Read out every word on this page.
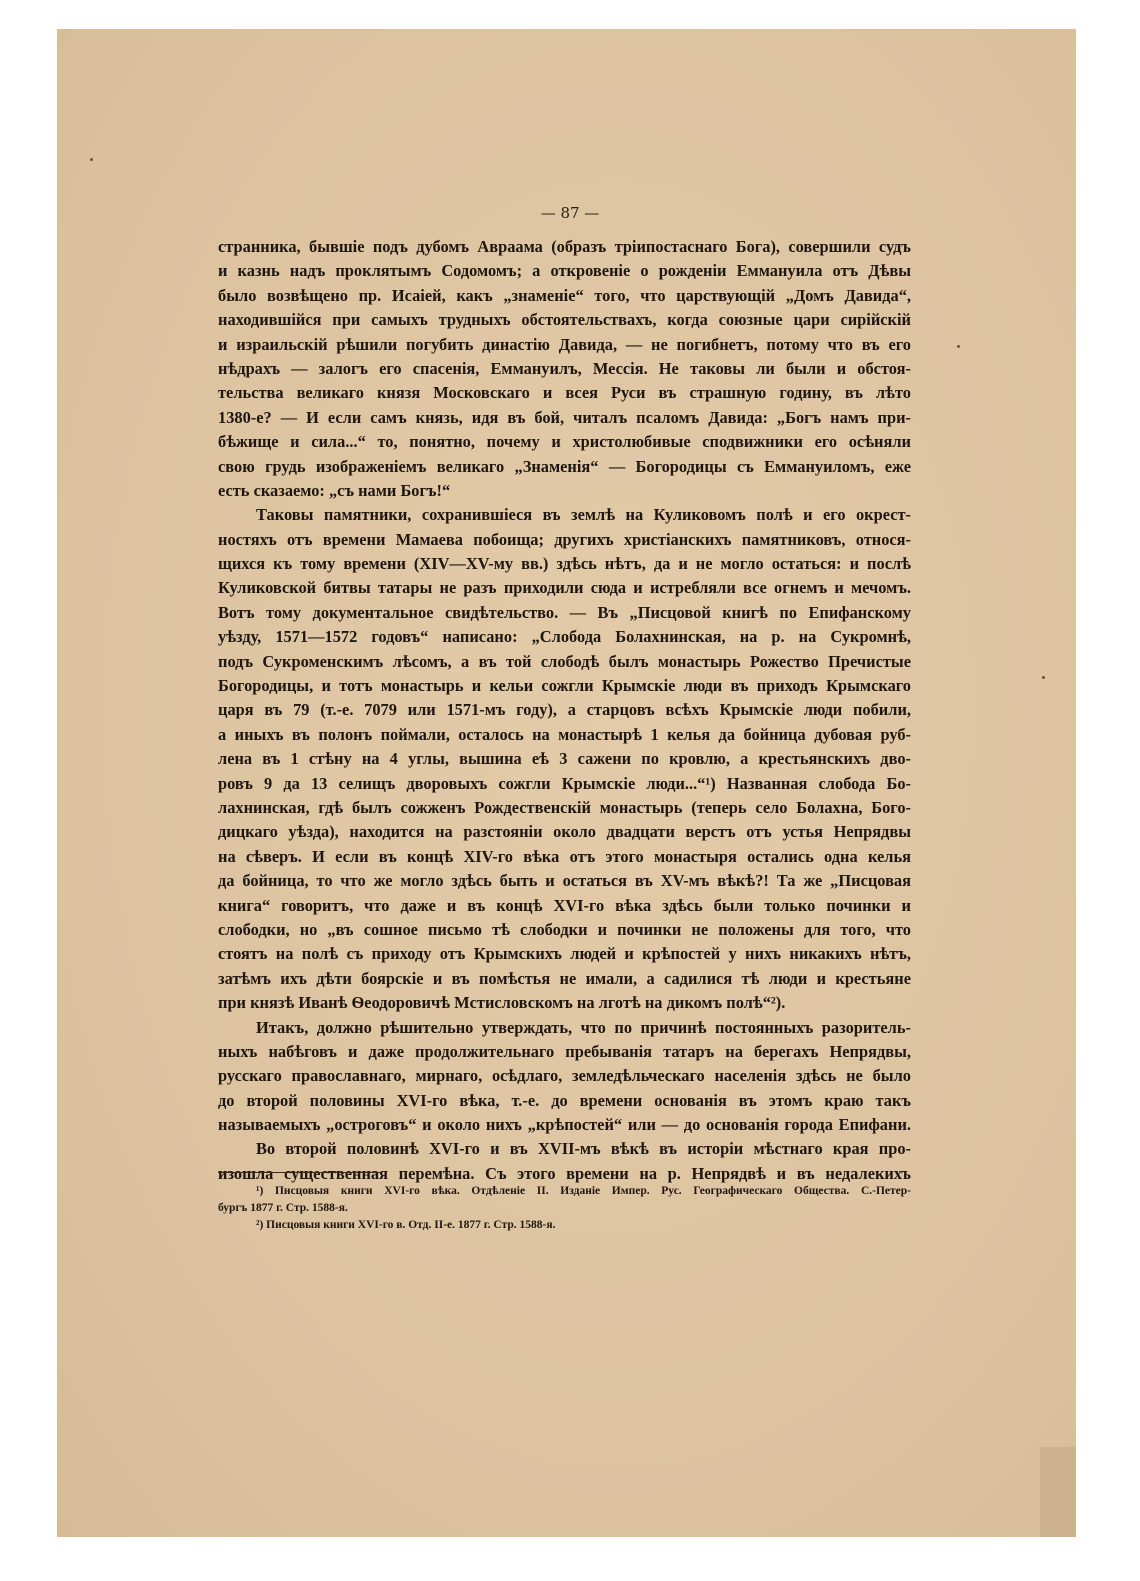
— 87 —
странника, бывшіе подъ дубомъ Авраама (образъ тріипостаснаго Бога), совершили судъ
и казнь надъ проклятымъ Содомомъ; а откровеніе о рожденіи Еммануила отъ Дѣвы
было возвѣщено пр. Исаіей, какъ „знаменіе“ того, что царствующій „Домъ Давида“,
находившійся при самыхъ трудныхъ обстоятельствахъ, когда союзные цари сирійскій
и израильскій рѣшили погубить династію Давида, — не погибнетъ, потому что въ его
нѣдрахъ — залогъ его спасенія, Еммануилъ, Мессія. Не таковы ли были и обстоя-
тельства великаго князя Московскаго и всея Руси въ страшную годину, въ лѣто
1380-е? — И если самъ князь, идя въ бой, читалъ псаломъ Давида: „Богъ намъ при-
бѣжище и сила...“ то, понятно, почему и христолюбивые сподвижники его осѣняли
свою грудь изображеніемъ великаго „Знаменія“ — Богородицы съ Еммануиломъ, еже
есть сказаемо: „съ нами Богъ!“
Таковы памятники, сохранившіеся въ землѣ на Куликовомъ полѣ и его окрест-
ностяхъ отъ времени Мамаева побоища; другихъ христіанскихъ памятниковъ, относя-
щихся къ тому времени (XIV—XV-му вв.) здѣсь нѣтъ, да и не могло остаться: и послѣ
Куликовской битвы татары не разъ приходили сюда и истребляли все огнемъ и мечомъ.
Вотъ тому документальное свидѣтельство. — Въ „Писцовой книгѣ по Епифанскому
уѣзду, 1571—1572 годовъ“ написано: „Слобода Болахнинская, на р. на Сукромнѣ,
подъ Сукроменскимъ лѣсомъ, а въ той слободѣ былъ монастырь Рожество Пречистые
Богородицы, и тотъ монастырь и кельи сожгли Крымскіе люди въ приходъ Крымскаго
царя въ 79 (т.-е. 7079 или 1571-мъ году), а старцовъ всѣхъ Крымскіе люди побили,
а иныхъ въ полонъ поймали, осталось на монастырѣ 1 келья да бойница дубовая руб-
лена въ 1 стѣну на 4 углы, вышина еѣ 3 сажени по кровлю, а крестьянскихъ дво-
ровъ 9 да 13 селищъ дворовыхъ сожгли Крымскіе люди...“¹) Названная слобода Бо-
лахнинская, гдѣ былъ сожженъ Рождественскій монастырь (теперь село Болахна, Бого-
дицкаго уѣзда), находится на разстояніи около двадцати верстъ отъ устья Непрядвы
на сѣверъ. И если въ концѣ XIV-го вѣка отъ этого монастыря остались одна келья
да бойница, то что же могло здѣсь быть и остаться въ XV-мъ вѣкѣ?! Та же „Писцовая
книга“ говоритъ, что даже и въ концѣ XVI-го вѣка здѣсь были только починки и
слободки, но „въ сошное письмо тѣ слободки и починки не положены для того, что
стоятъ на полѣ съ приходу отъ Крымскихъ людей и крѣпостей у нихъ никакихъ нѣтъ,
затѣмъ ихъ дѣти боярскіе и въ помѣстья не имали, а садилися тѣ люди и крестьяне
при князѣ Иванѣ Ѳеодоровичѣ Мстисловскомъ на лготѣ на дикомъ полѣ“²).
Итакъ, должно рѣшительно утверждать, что по причинѣ постоянныхъ разоритель-
ныхъ набѣговъ и даже продолжительнаго пребыванія татаръ на берегахъ Непрядвы,
русскаго православнаго, мирнаго, осѣдлаго, земледѣльческаго населенія здѣсь не было
до второй половины XVI-го вѣка, т.-е. до времени основанія въ этомъ краю такъ
называемыхъ „остроговъ“ и около нихъ „крѣпостей“ или — до основанія города Епифани.
Во второй половинѣ XVI-го и въ XVII-мъ вѣкѣ въ исторіи мѣстнаго края про-
изошла существенная перемѣна. Съ этого времени на р. Непрядвѣ и въ недалекихъ
¹) Писцовыя книги XVI-го вѣка. Отдѣленіе II. Изданіе Импер. Рус. Географическаго Общества. С.-Петер-
бургъ 1877 г. Стр. 1588-я.
²) Писцовыя книги XVI-го в. Отд. II-е. 1877 г. Стр. 1588-я.
